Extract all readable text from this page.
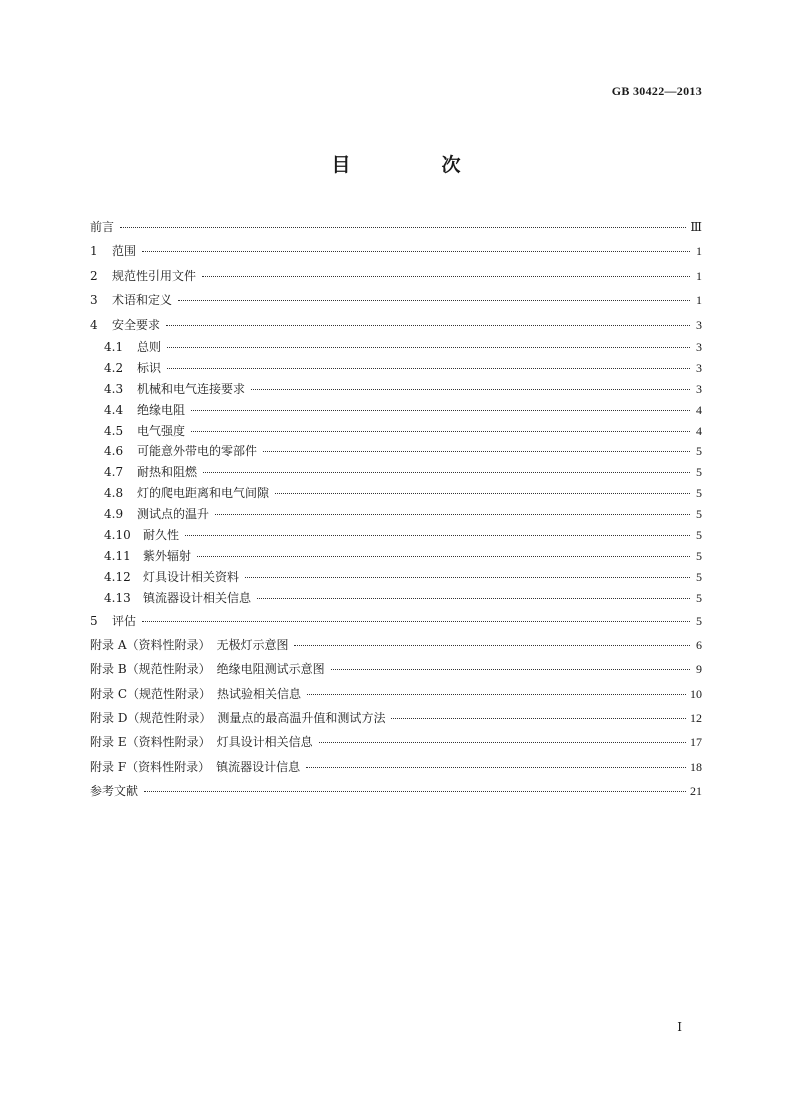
GB 30422—2013
目　次
前言	Ⅲ
1	范围	1
2	规范性引用文件	1
3	术语和定义	1
4	安全要求	3
4.1	总则	3
4.2	标识	3
4.3	机械和电气连接要求	3
4.4	绝缘电阻	4
4.5	电气强度	4
4.6	可能意外带电的零部件	5
4.7	耐热和阻燃	5
4.8	灯的爬电距离和电气间隙	5
4.9	测试点的温升	5
4.10	耐久性	5
4.11	紫外辐射	5
4.12	灯具设计相关资料	5
4.13	镇流器设计相关信息	5
5	评估	5
附录 A（资料性附录）　无极灯示意图	6
附录 B（规范性附录）　绝缘电阻测试示意图	9
附录 C（规范性附录）　热试验相关信息	10
附录 D（规范性附录）　测量点的最高温升值和测试方法	12
附录 E（资料性附录）　灯具设计相关信息	17
附录 F（资料性附录）　镇流器设计信息	18
参考文献	21
Ⅰ
